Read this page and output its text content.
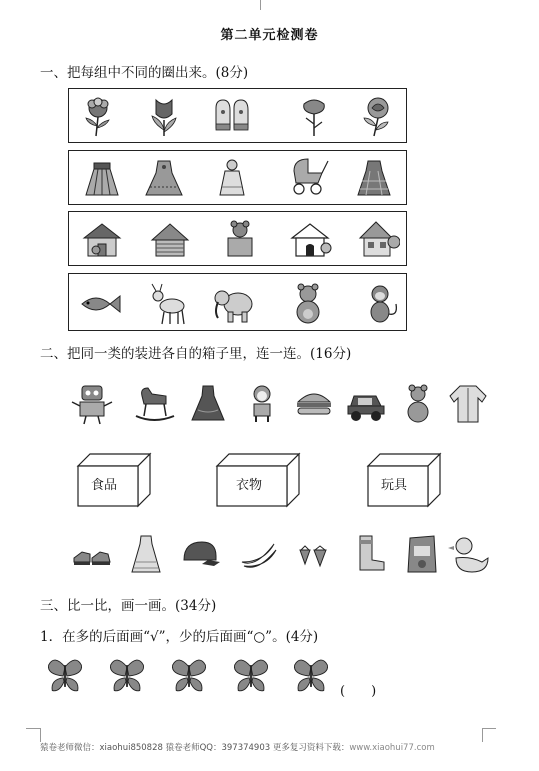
第二单元检测卷
一、把每组中不同的圈出来。(8分)
二、把同一类的装进各自的箱子里，连一连。(16分)
食品	衣物	玩具
三、比一比，画一画。(34分)
1．在多的后面画“√”，少的后面画“○”。(4分)
(　　)
猿卷老师微信：xiaohui850828 猿卷老师QQ：397374903 更多复习资料下载：www.xiaohui77.com
